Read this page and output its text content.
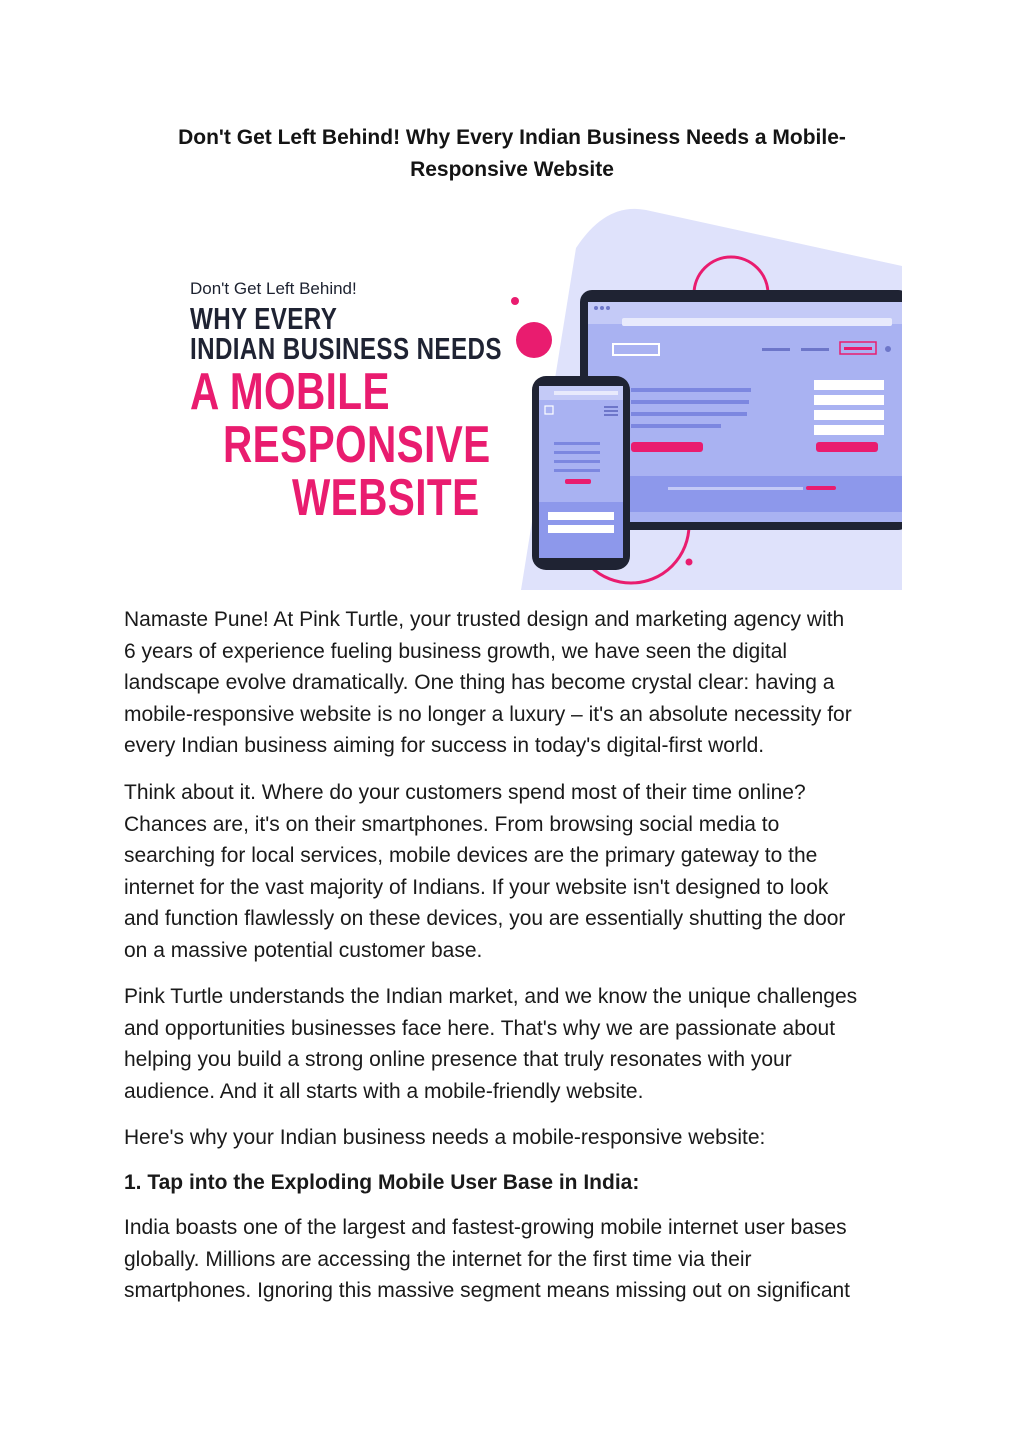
Don't Get Left Behind! Why Every Indian Business Needs a Mobile-
Responsive Website
Don't Get Left Behind!
WHY EVERY
INDIAN BUSINESS NEEDS
A MOBILE
RESPONSIVE
WEBSITE

Namaste Pune! At Pink Turtle, your trusted design and marketing agency with

6 years of experience fueling business growth, we have seen the digital

landscape evolve dramatically. One thing has become crystal clear: having a

mobile-responsive website is no longer a luxury – it's an absolute necessity for

every Indian business aiming for success in today's digital-first world.

Think about it. Where do your customers spend most of their time online?

Chances are, it's on their smartphones. From browsing social media to

searching for local services, mobile devices are the primary gateway to the

internet for the vast majority of Indians. If your website isn't designed to look

and function flawlessly on these devices, you are essentially shutting the door

on a massive potential customer base.

Pink Turtle understands the Indian market, and we know the unique challenges

and opportunities businesses face here. That's why we are passionate about

helping you build a strong online presence that truly resonates with your

audience. And it all starts with a mobile-friendly website.

Here's why your Indian business needs a mobile-responsive website:

1. Tap into the Exploding Mobile User Base in India:

India boasts one of the largest and fastest-growing mobile internet user bases

globally. Millions are accessing the internet for the first time via their

smartphones. Ignoring this massive segment means missing out on significant
